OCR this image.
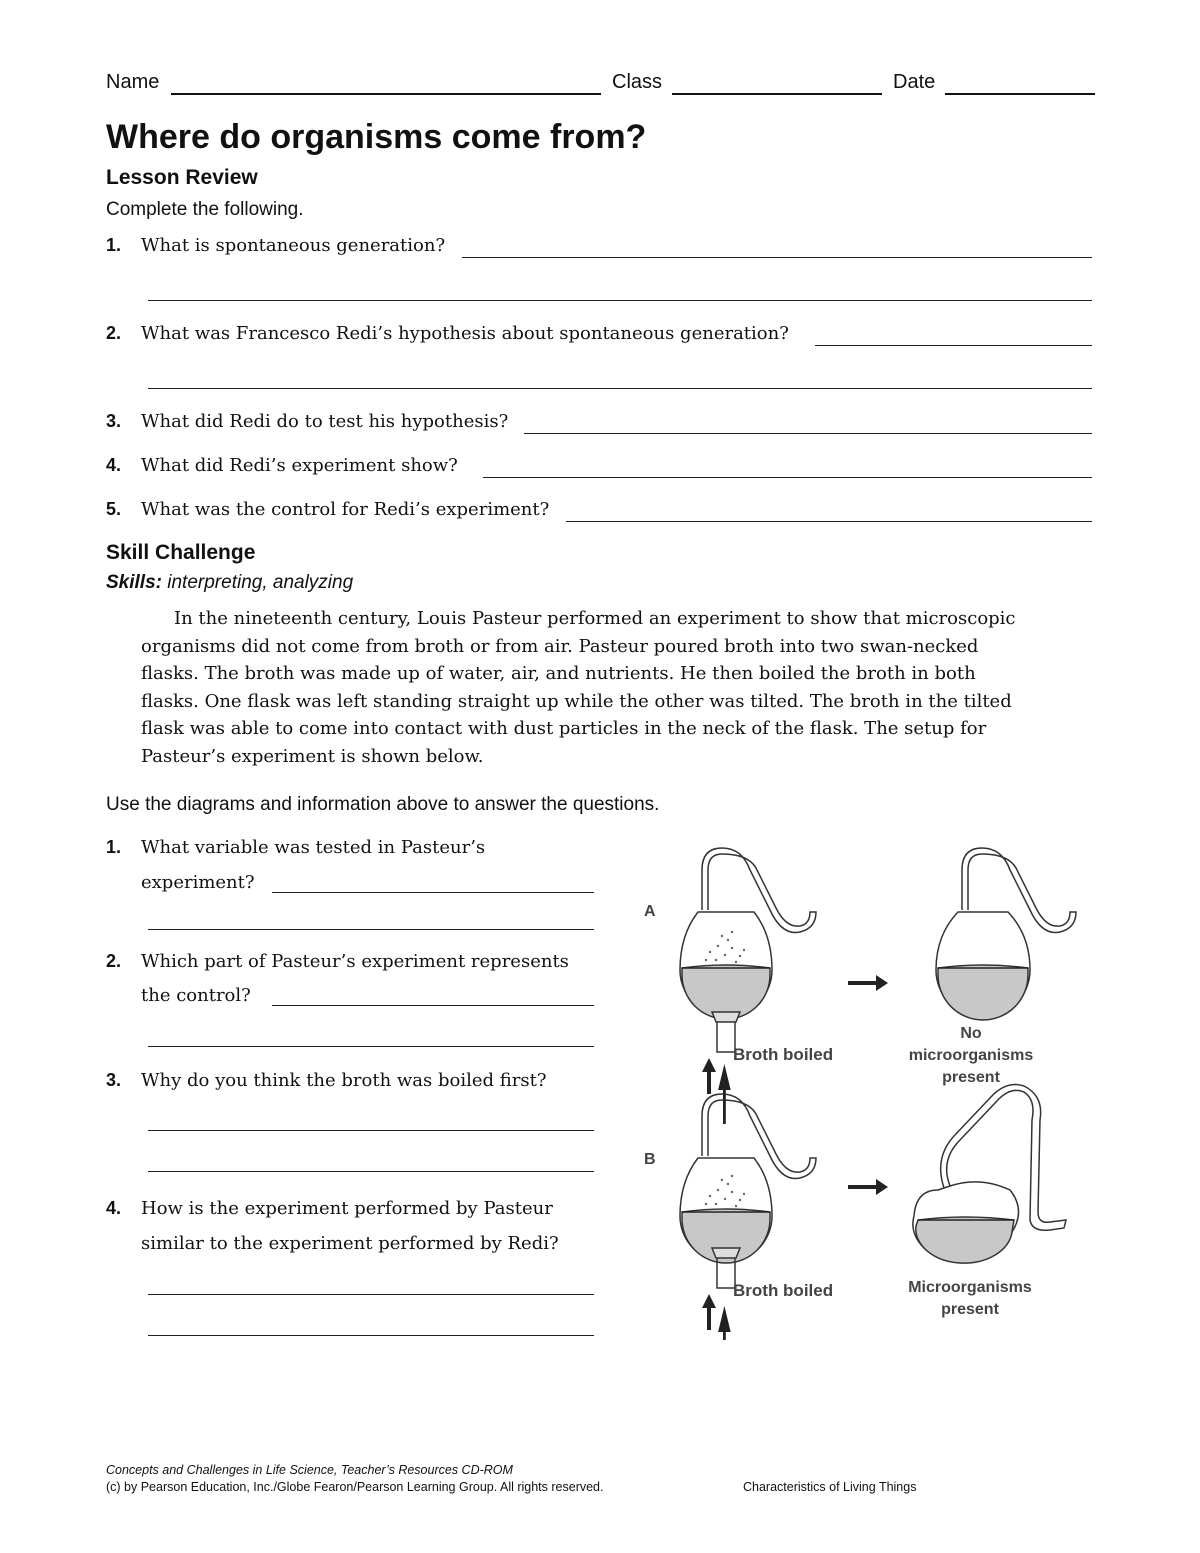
Name	Class	Date
Where do organisms come from?
Lesson Review
Complete the following.
1. What is spontaneous generation?
2. What was Francesco Redi’s hypothesis about spontaneous generation?
3. What did Redi do to test his hypothesis?
4. What did Redi’s experiment show?
5. What was the control for Redi’s experiment?
Skill Challenge
Skills: interpreting, analyzing
In the nineteenth century, Louis Pasteur performed an experiment to show that microscopic organisms did not come from broth or from air. Pasteur poured broth into two swan-necked flasks. The broth was made up of water, air, and nutrients. He then boiled the broth in both flasks. One flask was left standing straight up while the other was tilted. The broth in the tilted flask was able to come into contact with dust particles in the neck of the flask. The setup for Pasteur’s experiment is shown below.
Use the diagrams and information above to answer the questions.
1. What variable was tested in Pasteur’s
experiment?
2. Which part of Pasteur’s experiment represents
the control?
3. Why do you think the broth was boiled first?
4. How is the experiment performed by Pasteur
similar to the experiment performed by Redi?
A
B
Broth boiled
No
microorganisms
present
Broth boiled	Microorganisms
present
Concepts and Challenges in Life Science, Teacher’s Resources CD-ROM
(c) by Pearson Education, Inc./Globe Fearon/Pearson Learning Group. All rights reserved.	Characteristics of Living Things
